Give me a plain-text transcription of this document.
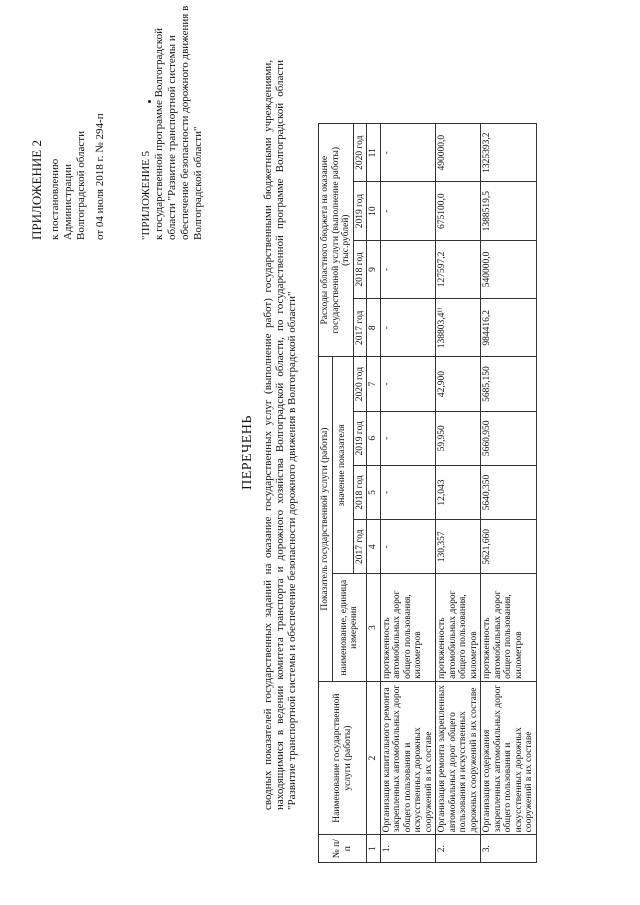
ПРИЛОЖЕНИЕ 2 к постановлению Администрации Волгоградской области от 04 июля 2018 г. № 294-п	"ПРИЛОЖЕНИЕ 5 к государственной программе Волгоградской области "Развитие транспортной системы и обеспечение безопасности дорожного движения в Волгоградской области"
ПЕРЕЧЕНЬ сводных показателей государственных заданий на оказание государственных услуг (выполнение работ) государственными бюджетными учреждениями, находящимися в ведении комитета транспорта и дорожного хозяйства Волгоградской области, по государственной программе Волгоградской области "Развитие транспортной системы и обеспечение безопасности дорожного движения в Волгоградской области"
№ п/п	Наименование государственной услуги (работы)	Показатель государственной услуги (работы)					Расходы областного бюджета на оказание государственной услуги (выполнение работы) (тыс.рублей)			
		наименование, единица измерения	значение показателя							
			2017 год	2018 год	2019 год	2020 год	2017 год	2018 год	2019 год	2020 год
1	2	3	4	5	6	7	8	9	10	11
1.	Организация капитального ремонта закрепленных автомобильных дорог общего пользования и искусственных дорожных сооружений в их составе	протяженность автомобильных дорог общего пользования, километров	-	-	-	-	-	-	-	-
2.	Организация ремонта закрепленных автомобильных дорог общего пользования и искусственных дорожных сооружений в их составе	протяженность автомобильных дорог общего пользования, километров	130,357	12,043	59,950	42,900	138803,4¹⁾	127597,2	675100,0	490000,0
3.	Организация содержания закрепленных автомобильных дорог общего пользования и искусственных дорожных сооружений в их составе	протяженность автомобильных дорог общего пользования, километров	5621,660	5640,350	5660,950	5685,150	984416,2	540000,0	1388519,5	1325393,2
